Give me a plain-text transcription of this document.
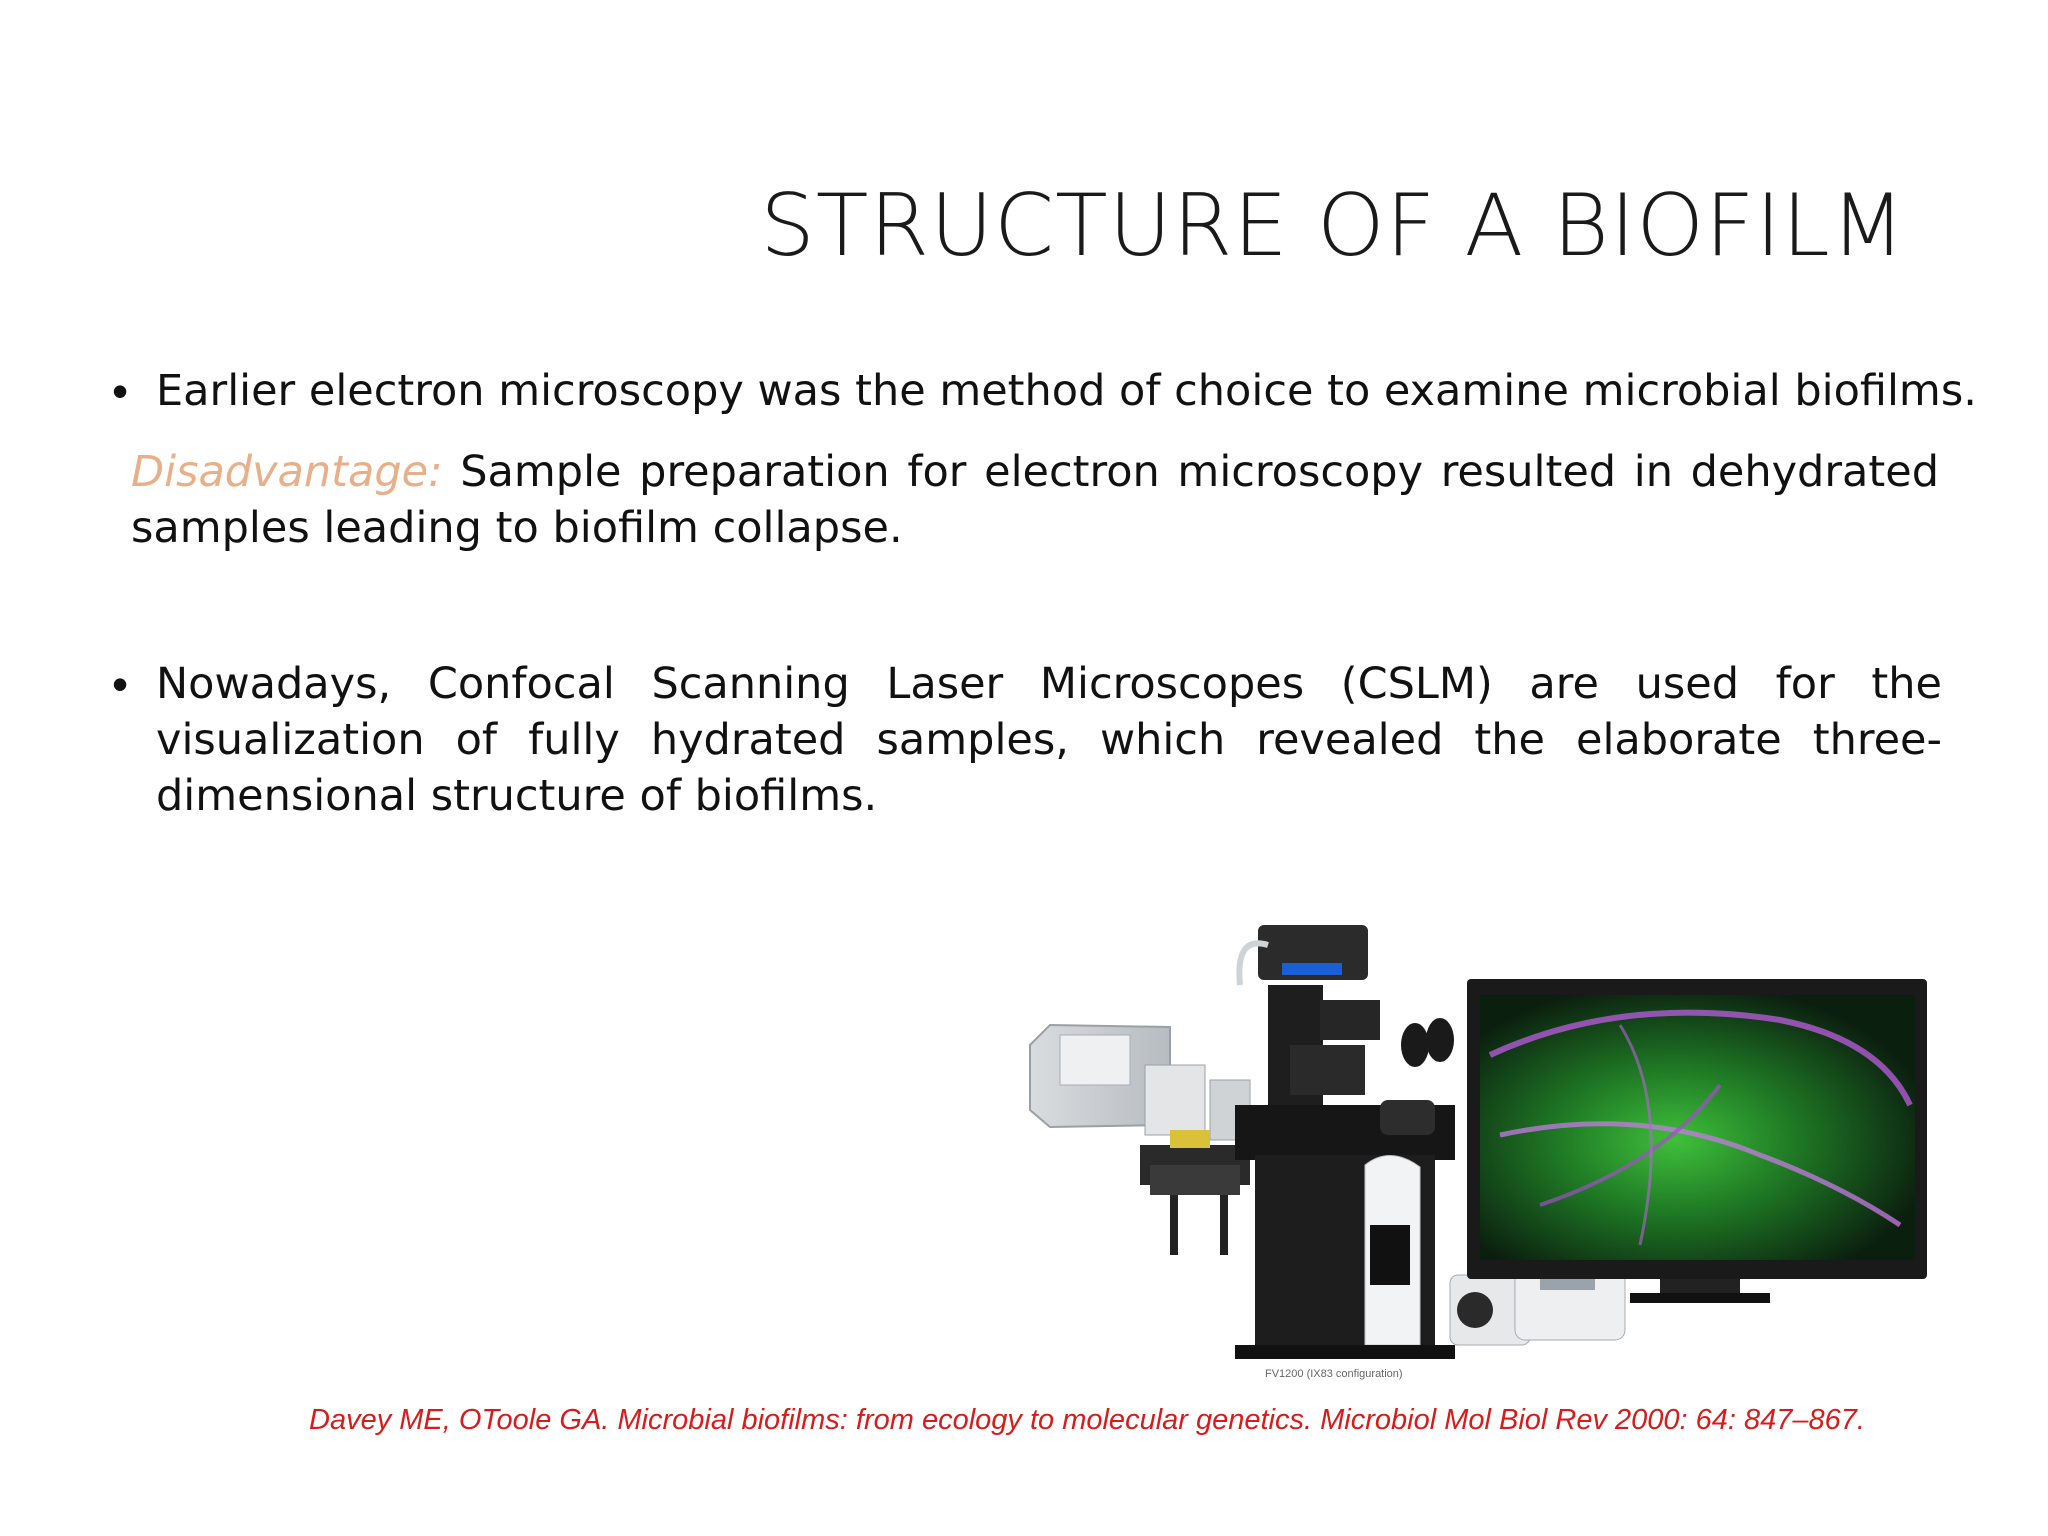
STRUCTURE OF A BIOFILM
• Earlier electron microscopy was the method of choice to examine microbial biofilms.
Disadvantage: Sample preparation for electron microscopy resulted in dehydrated samples leading to biofilm collapse.
• Nowadays, Confocal Scanning Laser Microscopes (CSLM) are used for the visualization of fully hydrated samples, which revealed the elaborate three-dimensional structure of biofilms.
FV1200 (IX83 configuration)
Davey ME, OToole GA. Microbial biofilms: from ecology to molecular genetics. Microbiol Mol Biol Rev 2000: 64: 847–867.
